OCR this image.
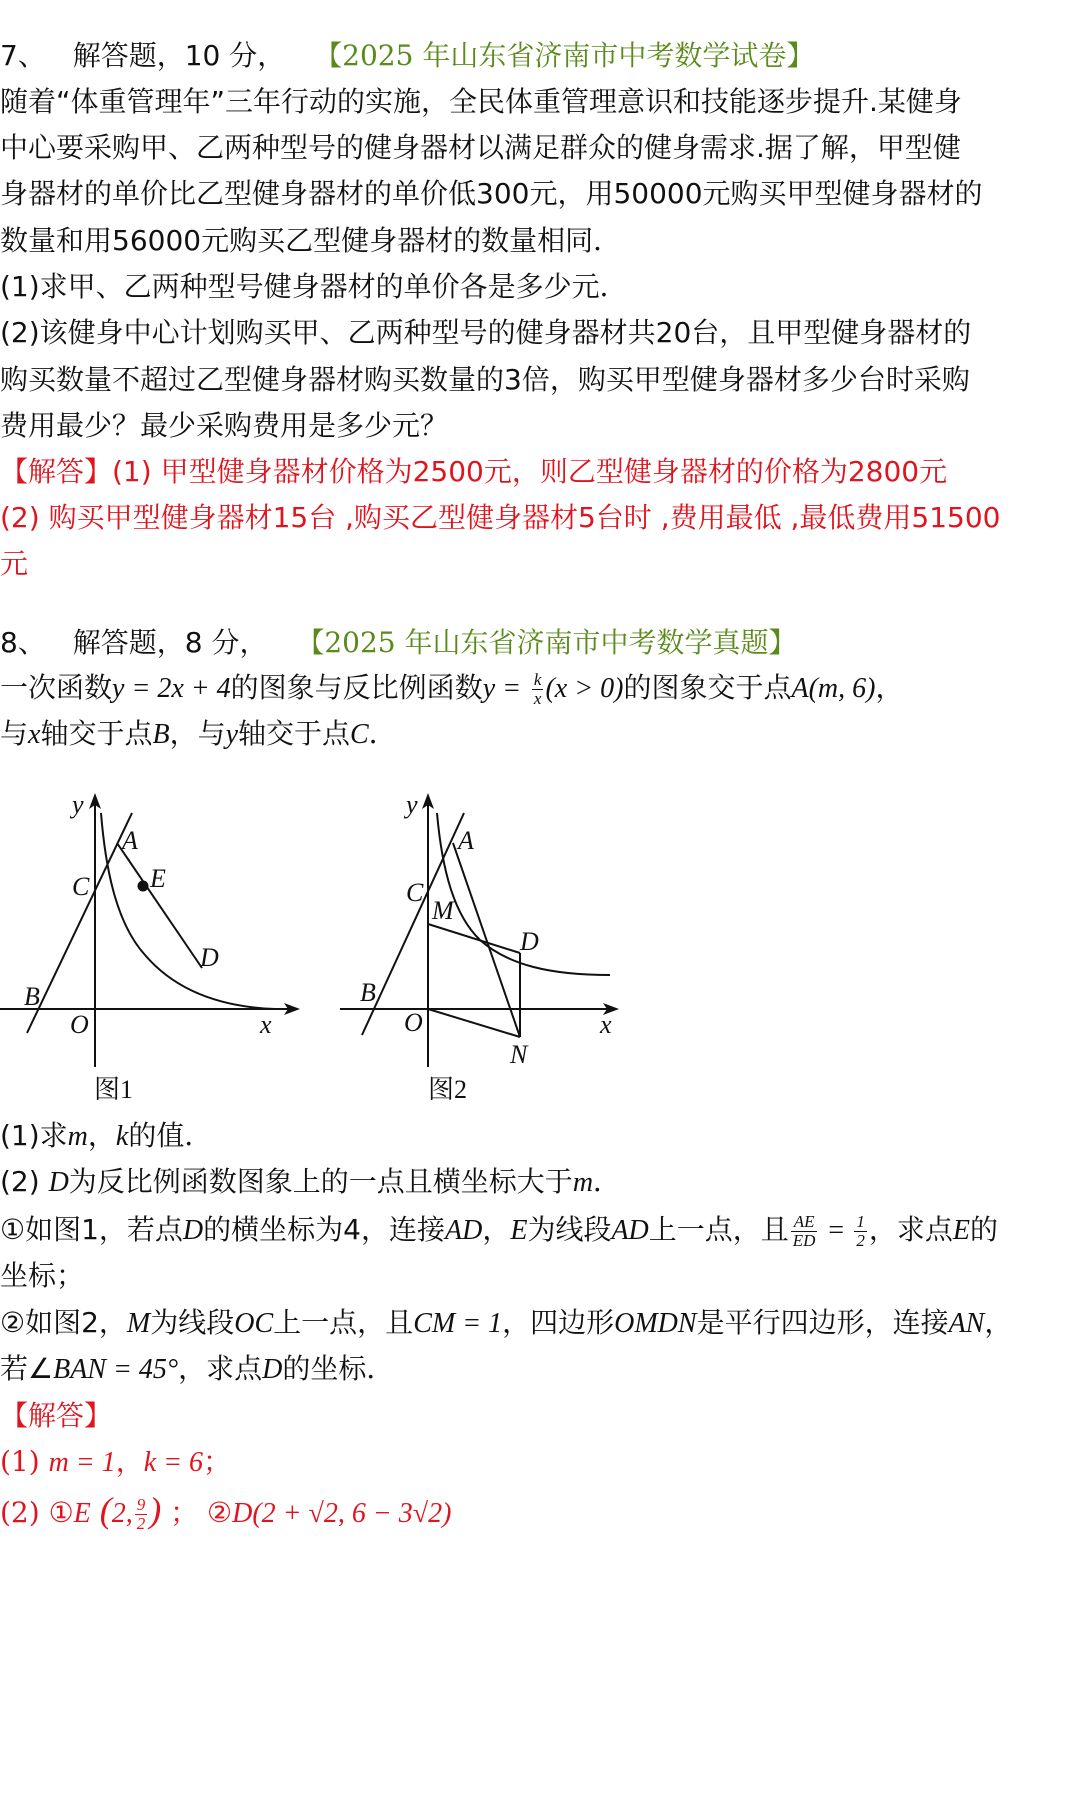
7、 解答题，10 分， 【2025 年山东省济南市中考数学试卷】
随着“体重管理年”三年行动的实施，全民体重管理意识和技能逐步提升.某健身
中心要采购甲、乙两种型号的健身器材以满足群众的健身需求.据了解，甲型健
身器材的单价比乙型健身器材的单价低300元，用50000元购买甲型健身器材的
数量和用56000元购买乙型健身器材的数量相同．
(1)求甲、乙两种型号健身器材的单价各是多少元．
(2)该健身中心计划购买甲、乙两种型号的健身器材共20台，且甲型健身器材的
购买数量不超过乙型健身器材购买数量的3倍，购买甲型健身器材多少台时采购
费用最少？最少采购费用是多少元？
【解答】(1) 甲型健身器材价格为2500元，则乙型健身器材的价格为2800元
(2) 购买甲型健身器材15台 ,购买乙型健身器材5台时 ,费用最低 ,最低费用51500
元
8、 解答题，8 分， 【2025 年山东省济南市中考数学真题】
一次函数y = 2x + 4的图象与反比例函数$y = \frac{k}{x} (x > 0)$的图象交于点A(m, 6)，
与x轴交于点B，与y轴交于点C．
y
A
C E
D
B
O	x
图1
y
A
C
M
D
B
O	x
N
图2
(1)求m，k的值．
(2) D为反比例函数图象上的一点且横坐标大于m．
①如图1，若点D的横坐标为4，连接AD，E为线段AD上一点，且 $\frac{AE}{ED} = \frac{1}{2}$ ，求点E的
坐标；
②如图2，M为线段OC上一点，且CM = 1，四边形OMDN是平行四边形，连接AN，
若∠BAN = 45°，求点D的坐标．
【解答】
(1) m = 1，k = 6；
(2) ①E (2, $\frac{9}{2}$ ) ； ②D(2 + √2, 6 − 3√2)
